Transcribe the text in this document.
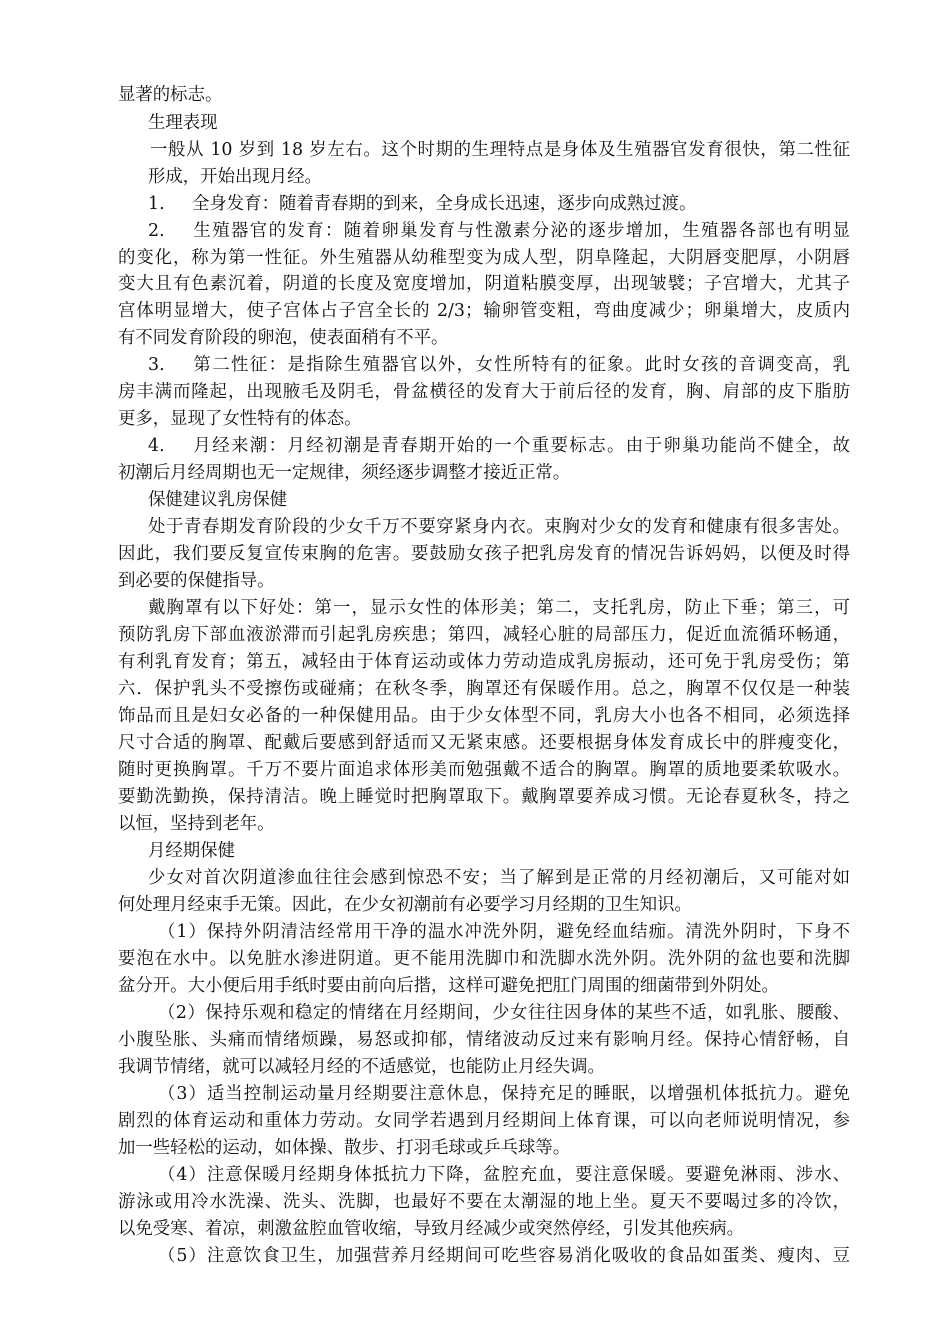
显著的标志。

生理表现

一般从 10 岁到 18 岁左右。这个时期的生理特点是身体及生殖器官发育很快，第二性征

形成，开始出现月经。

1. 全身发育：随着青春期的到来，全身成长迅速，逐步向成熟过渡。

2. 生殖器官的发育：随着卵巢发育与性激素分泌的逐步增加，生殖器各部也有明显

的变化，称为第一性征。外生殖器从幼稚型变为成人型，阴阜隆起，大阴唇变肥厚，小阴唇

变大且有色素沉着，阴道的长度及宽度增加，阴道粘膜变厚，出现皱襞；子宫增大，尤其子

宫体明显增大，使子宫体占子宫全长的 2/3；输卵管变粗，弯曲度减少；卵巢增大，皮质内

有不同发育阶段的卵泡，使表面稍有不平。

3. 第二性征：是指除生殖器官以外，女性所特有的征象。此时女孩的音调变高，乳

房丰满而隆起，出现腋毛及阴毛，骨盆横径的发育大于前后径的发育，胸、肩部的皮下脂肪

更多，显现了女性特有的体态。

4. 月经来潮：月经初潮是青春期开始的一个重要标志。由于卵巢功能尚不健全，故

初潮后月经周期也无一定规律，须经逐步调整才接近正常。

保健建议乳房保健

处于青春期发育阶段的少女千万不要穿紧身内衣。束胸对少女的发育和健康有很多害处。

因此，我们要反复宣传束胸的危害。要鼓励女孩子把乳房发育的情况告诉妈妈，以便及时得

到必要的保健指导。

戴胸罩有以下好处：第一，显示女性的体形美；第二，支托乳房，防止下垂；第三，可

预防乳房下部血液淤滞而引起乳房疾患；第四，减轻心脏的局部压力，促近血流循环畅通，

有利乳育发育；第五，减轻由于体育运动或体力劳动造成乳房振动，还可免于乳房受伤；第

六．保护乳头不受擦伤或碰痛；在秋冬季，胸罩还有保暖作用。总之，胸罩不仅仅是一种装

饰品而且是妇女必备的一种保健用品。由于少女体型不同，乳房大小也各不相同，必须选择

尺寸合适的胸罩、配戴后要感到舒适而又无紧束感。还要根据身体发育成长中的胖瘦变化，

随时更换胸罩。千万不要片面追求体形美而勉强戴不适合的胸罩。胸罩的质地要柔软吸水。

要勤洗勤换，保持清洁。晚上睡觉时把胸罩取下。戴胸罩要养成习惯。无论春夏秋冬，持之

以恒，坚持到老年。

月经期保健

少女对首次阴道渗血往往会感到惊恐不安；当了解到是正常的月经初潮后，又可能对如

何处理月经束手无策。因此，在少女初潮前有必要学习月经期的卫生知识。

（1）保持外阴清洁经常用干净的温水冲洗外阴，避免经血结痂。清洗外阴时，下身不

要泡在水中。以免脏水渗进阴道。更不能用洗脚巾和洗脚水洗外阴。洗外阴的盆也要和洗脚

盆分开。大小便后用手纸时要由前向后揩，这样可避免把肛门周围的细菌带到外阴处。

（2）保持乐观和稳定的情绪在月经期间，少女往往因身体的某些不适，如乳胀、腰酸、

小腹坠胀、头痛而情绪烦躁，易怒或抑郁，情绪波动反过来有影响月经。保持心情舒畅，自

我调节情绪，就可以减轻月经的不适感觉，也能防止月经失调。

（3）适当控制运动量月经期要注意休息，保持充足的睡眠，以增强机体抵抗力。避免

剧烈的体育运动和重体力劳动。女同学若遇到月经期间上体育课，可以向老师说明情况，参

加一些轻松的运动，如体操、散步、打羽毛球或乒乓球等。

（4）注意保暖月经期身体抵抗力下降，盆腔充血，要注意保暖。要避免淋雨、涉水、

游泳或用冷水洗澡、洗头、洗脚，也最好不要在太潮湿的地上坐。夏天不要喝过多的冷饮，

以免受寒、着凉，刺激盆腔血管收缩，导致月经减少或突然停经，引发其他疾病。

（5）注意饮食卫生，加强营养月经期间可吃些容易消化吸收的食品如蛋类、瘦肉、豆
